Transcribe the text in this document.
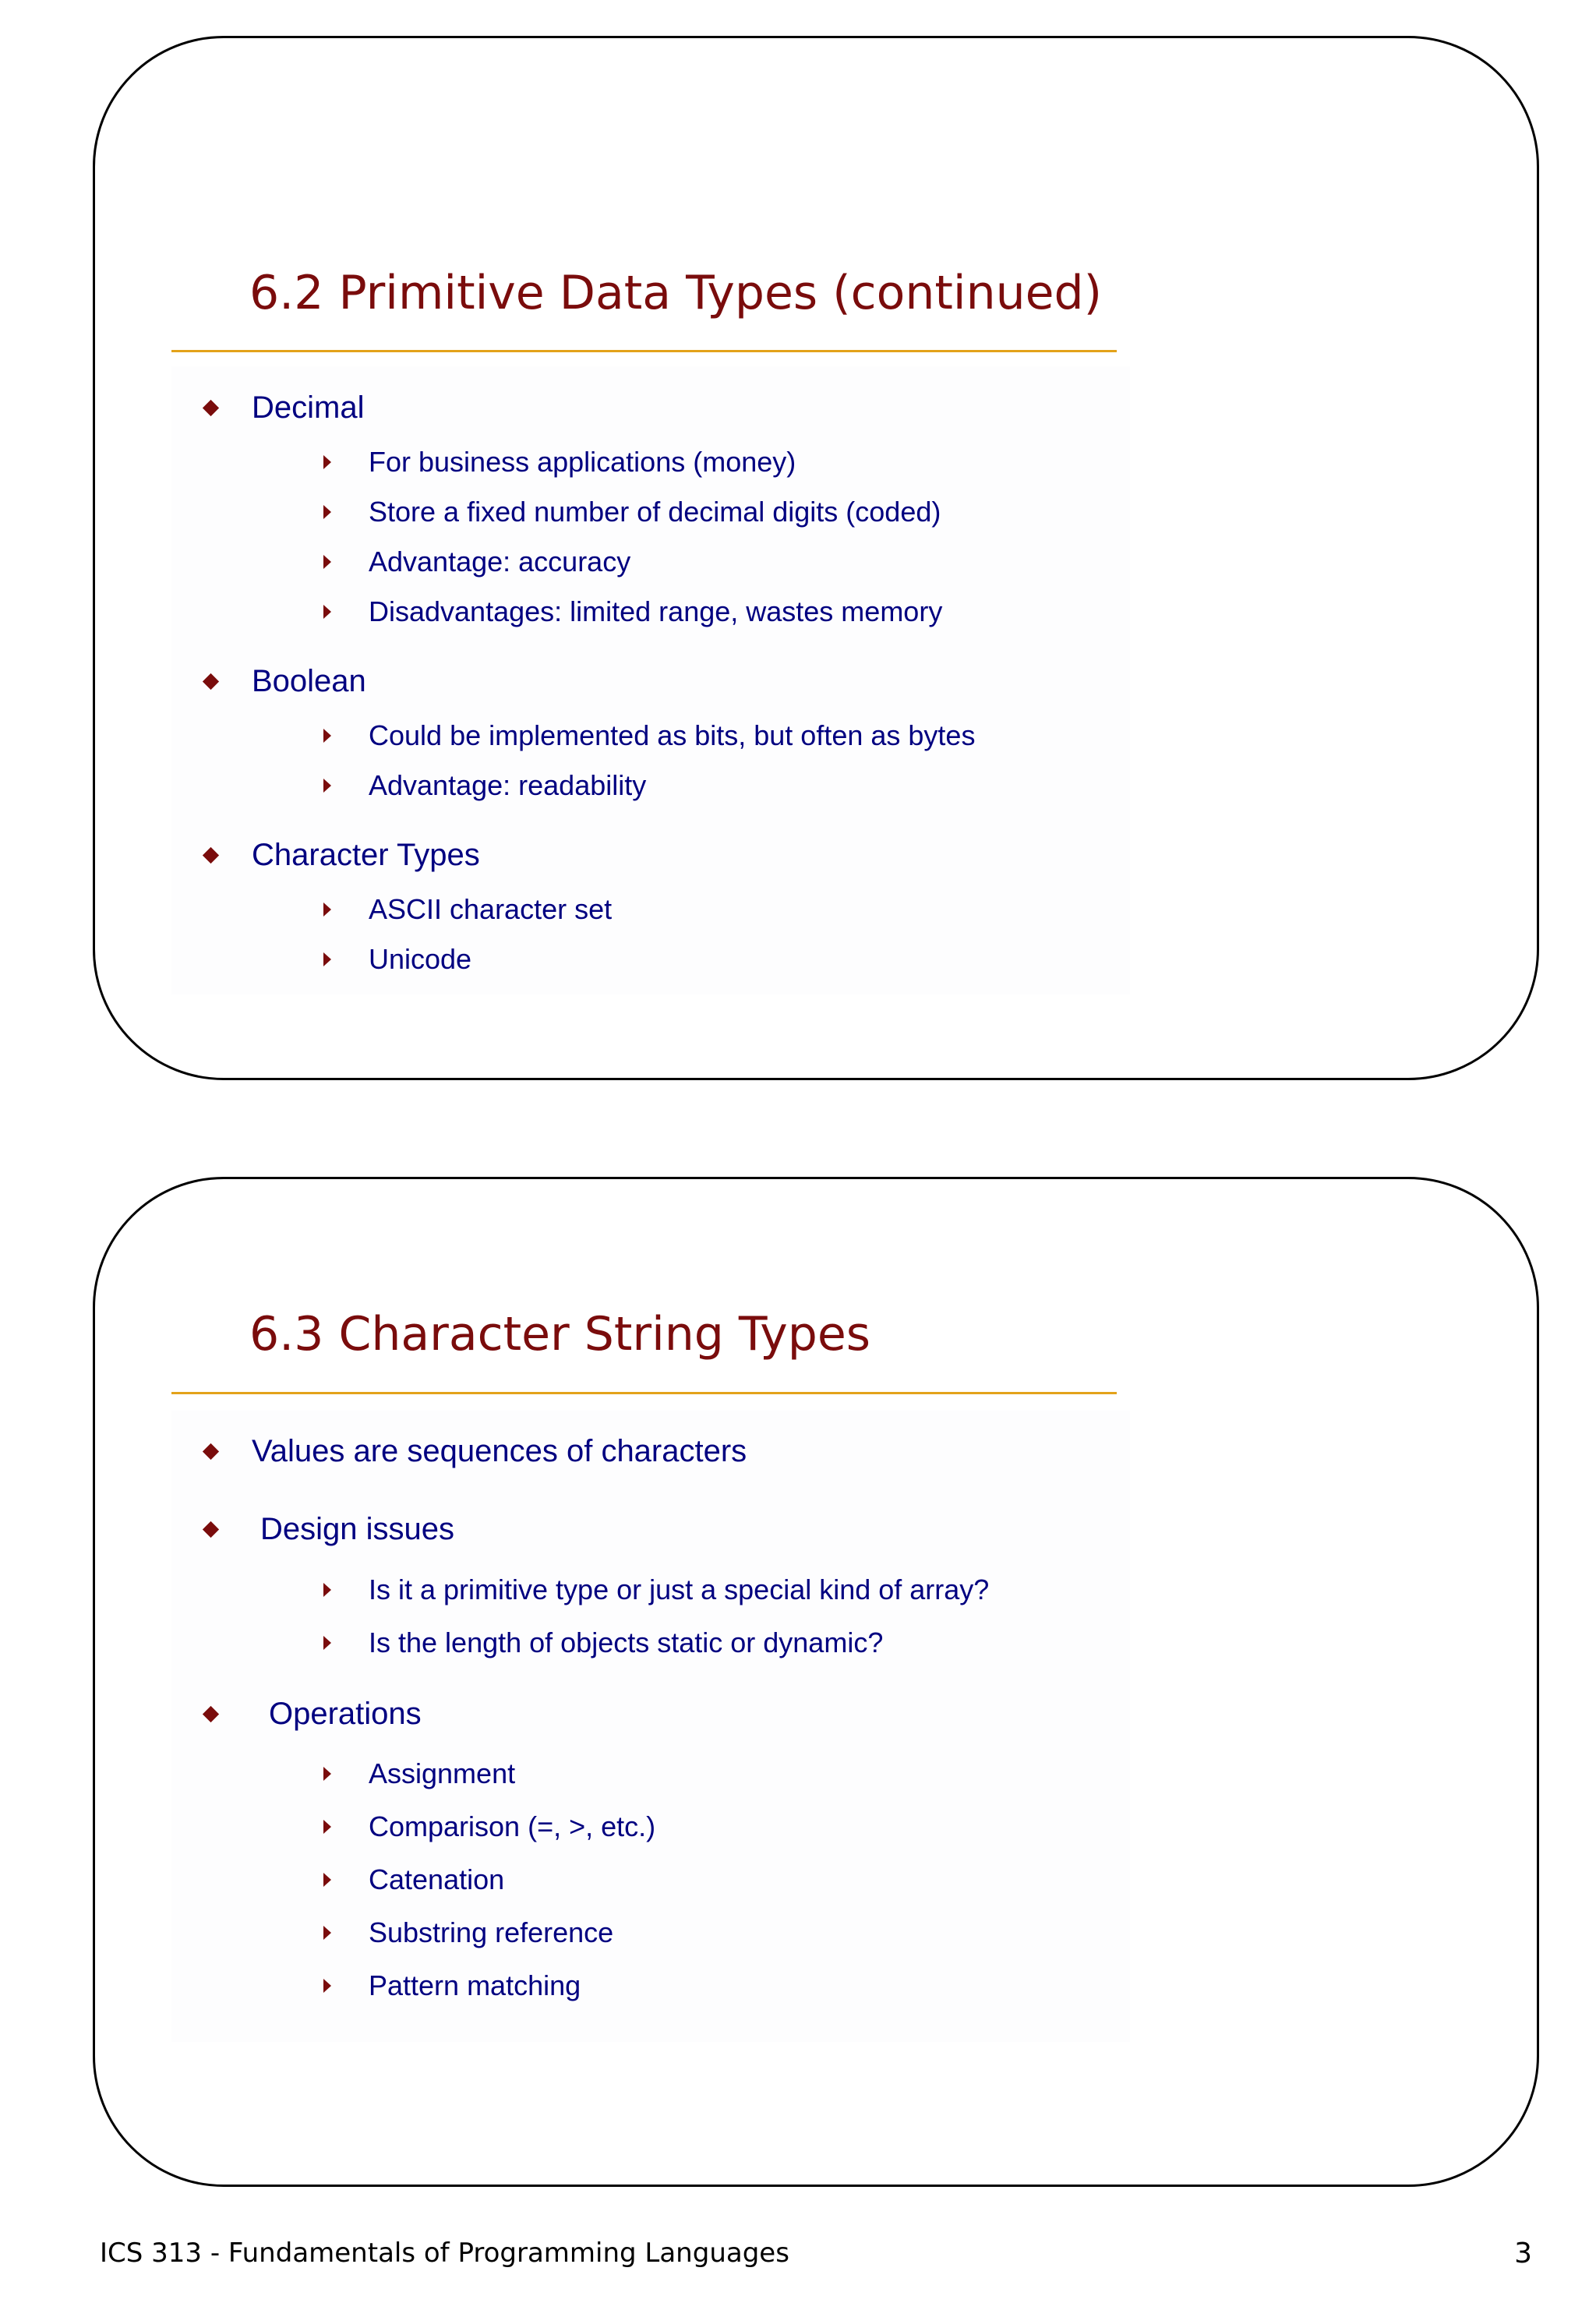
6.2 Primitive Data Types (continued)
Decimal
For business applications (money)
Store a fixed number of decimal digits (coded)
Advantage: accuracy
Disadvantages: limited range, wastes memory
Boolean
Could be implemented as bits, but often as bytes
Advantage: readability
Character Types
ASCII character set
Unicode
6.3 Character String Types
Values are sequences of characters
Design issues
Is it a primitive type or just a special kind of array?
Is the length of objects static or dynamic?
Operations
Assignment
Comparison (=, >, etc.)
Catenation
Substring reference
Pattern matching
ICS 313 - Fundamentals of Programming Languages	3
